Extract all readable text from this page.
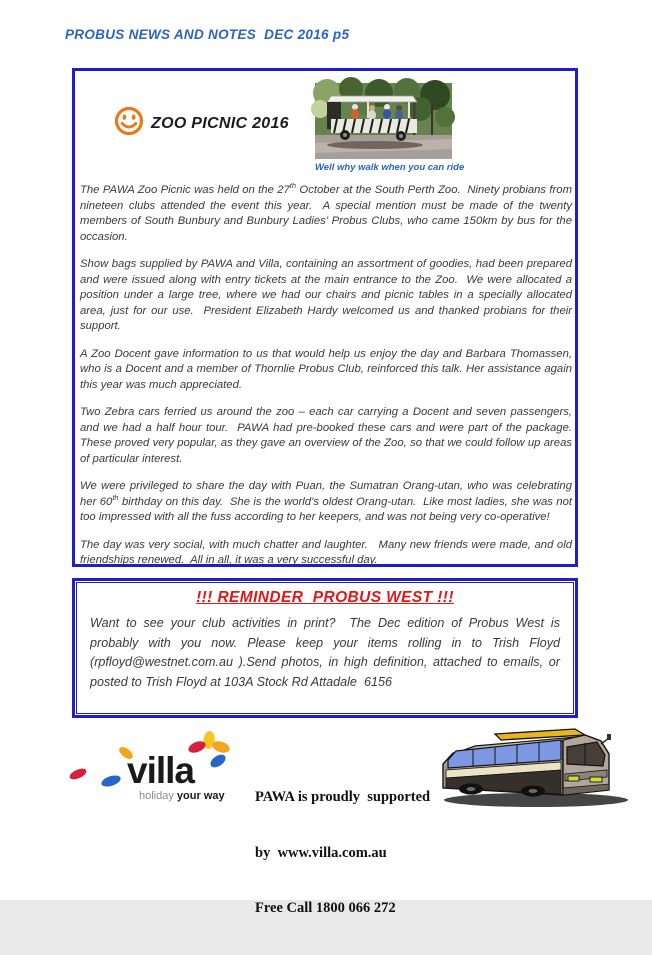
PROBUS NEWS AND NOTES  DEC 2016 p5
ZOO PICNIC 2016
Well why walk when you can ride

The PAWA Zoo Picnic was held on the 27th October at the South Perth Zoo.  Ninety probians from nineteen clubs attended the event this year.  A special mention must be made of the twenty members of South Bunbury and Bunbury Ladies’ Probus Clubs, who came 150km by bus for the occasion.

Show bags supplied by PAWA and Villa, containing an assortment of goodies, had been prepared and were issued along with entry tickets at the main entrance to the Zoo.  We were allocated a position under a large tree, where we had our chairs and picnic tables in a specially allocated area, just for our use.  President Elizabeth Hardy welcomed us and thanked probians for their support.

A Zoo Docent gave information to us that would help us enjoy the day and Barbara Thomassen, who is a Docent and a member of Thornlie Probus Club, reinforced this talk. Her assistance again this year was much appreciated.

Two Zebra cars ferried us around the zoo – each car carrying a Docent and seven passengers, and we had a half hour tour.  PAWA had pre-booked these cars and were part of the package.  These proved very popular, as they gave an overview of the Zoo, so that we could follow up areas of particular interest.

We were privileged to share the day with Puan, the Sumatran Orang-utan, who was celebrating her 60th birthday on this day.  She is the world’s oldest Orang-utan.  Like most ladies, she was not too impressed with all the fuss according to her keepers, and was not being very co-operative!

The day was very social, with much chatter and laughter.   Many new friends were made, and old friendships renewed.  All in all, it was a very successful day.

!!! REMINDER  PROBUS WEST !!!

Want to see your club activities in print?  The Dec edition of Probus West is probably with you now. Please keep your items rolling in to Trish Floyd (rpfloyd@westnet.com.au ).Send photos, in high definition, attached to emails, or posted to Trish Floyd at 103A Stock Rd Attadale  6156

villa
holiday your way

PAWA is proudly  supported

by  www.villa.com.au

Free Call 1800 066 272
